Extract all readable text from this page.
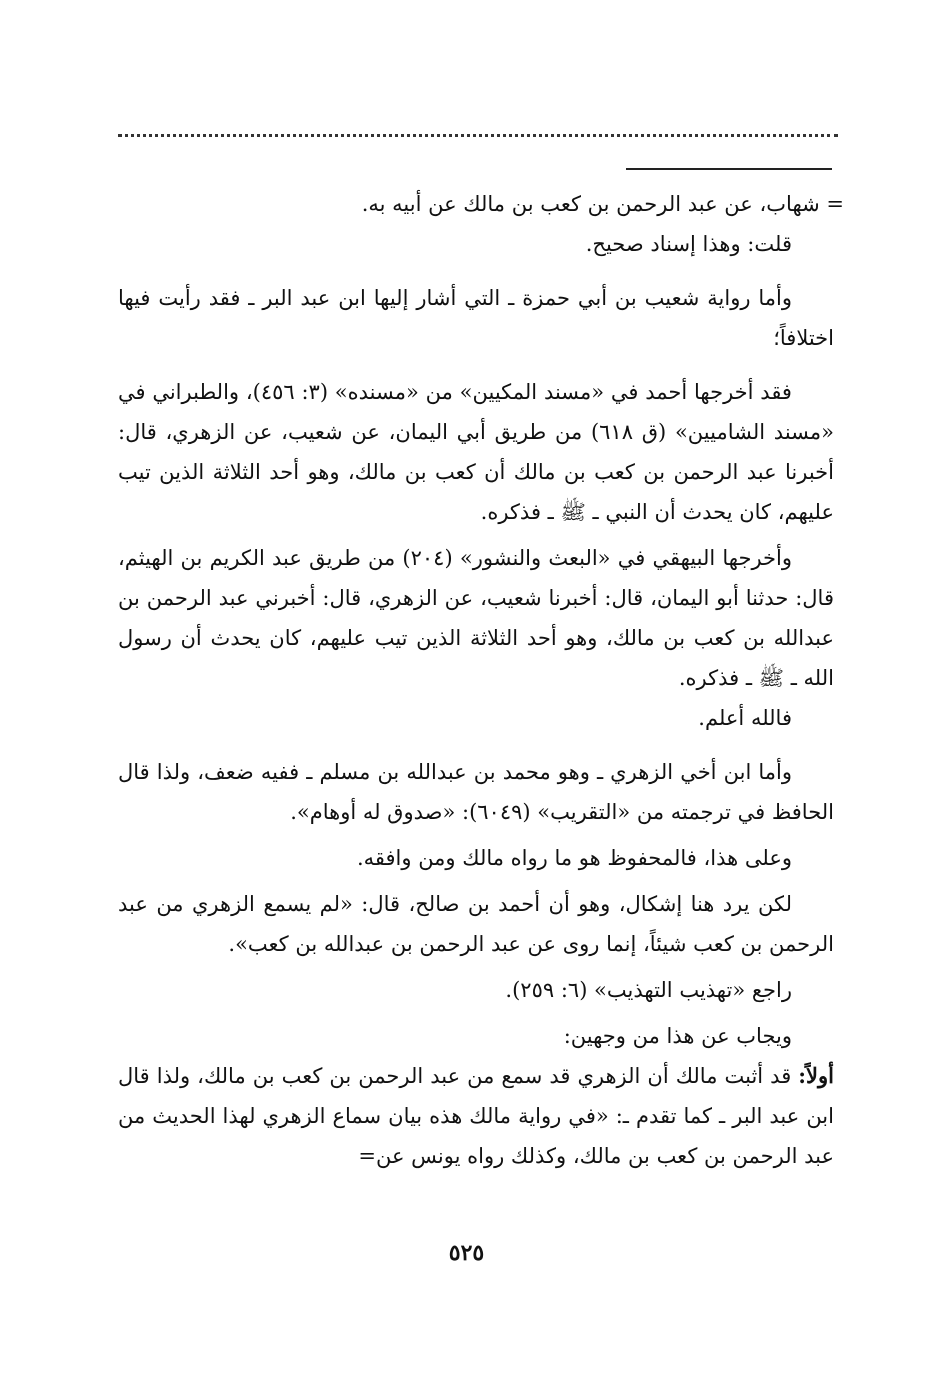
= شهاب، عن عبد الرحمن بن كعب بن مالك عن أبيه به.

قلت: وهذا إسناد صحيح.

وأما رواية شعيب بن أبي حمزة ـ التي أشار إليها ابن عبد البر ـ فقد رأيت فيها اختلافاً؛

فقد أخرجها أحمد في «مسند المكيين» من «مسنده» (٣: ٤٥٦)، والطبراني في «مسند الشاميين» (ق ٦١٨) من طريق أبي اليمان، عن شعيب، عن الزهري، قال: أخبرنا عبد الرحمن بن كعب بن مالك أن كعب بن مالك، وهو أحد الثلاثة الذين تيب عليهم، كان يحدث أن النبي ـ ﷺ ـ فذكره.

وأخرجها البيهقي في «البعث والنشور» (٢٠٤) من طريق عبد الكريم بن الهيثم، قال: حدثنا أبو اليمان، قال: أخبرنا شعيب، عن الزهري، قال: أخبرني عبد الرحمن بن عبدالله بن كعب بن مالك، وهو أحد الثلاثة الذين تيب عليهم، كان يحدث أن رسول الله ـ ﷺ ـ فذكره.

فالله أعلم.

وأما ابن أخي الزهري ـ وهو محمد بن عبدالله بن مسلم ـ ففيه ضعف، ولذا قال الحافظ في ترجمته من «التقريب» (٦٠٤٩): «صدوق له أوهام».

وعلى هذا، فالمحفوظ هو ما رواه مالك ومن وافقه.

لكن يرد هنا إشكال، وهو أن أحمد بن صالح، قال: «لم يسمع الزهري من عبد الرحمن بن كعب شيئاً، إنما روى عن عبد الرحمن بن عبدالله بن كعب».

راجع «تهذيب التهذيب» (٦: ٢٥٩).

ويجاب عن هذا من وجهين:

أولاً: قد أثبت مالك أن الزهري قد سمع من عبد الرحمن بن كعب بن مالك، ولذا قال ابن عبد البر ـ كما تقدم ـ: «في رواية مالك هذه بيان سماع الزهري لهذا الحديث من عبد الرحمن بن كعب بن مالك، وكذلك رواه يونس عن=

٥٢٥
